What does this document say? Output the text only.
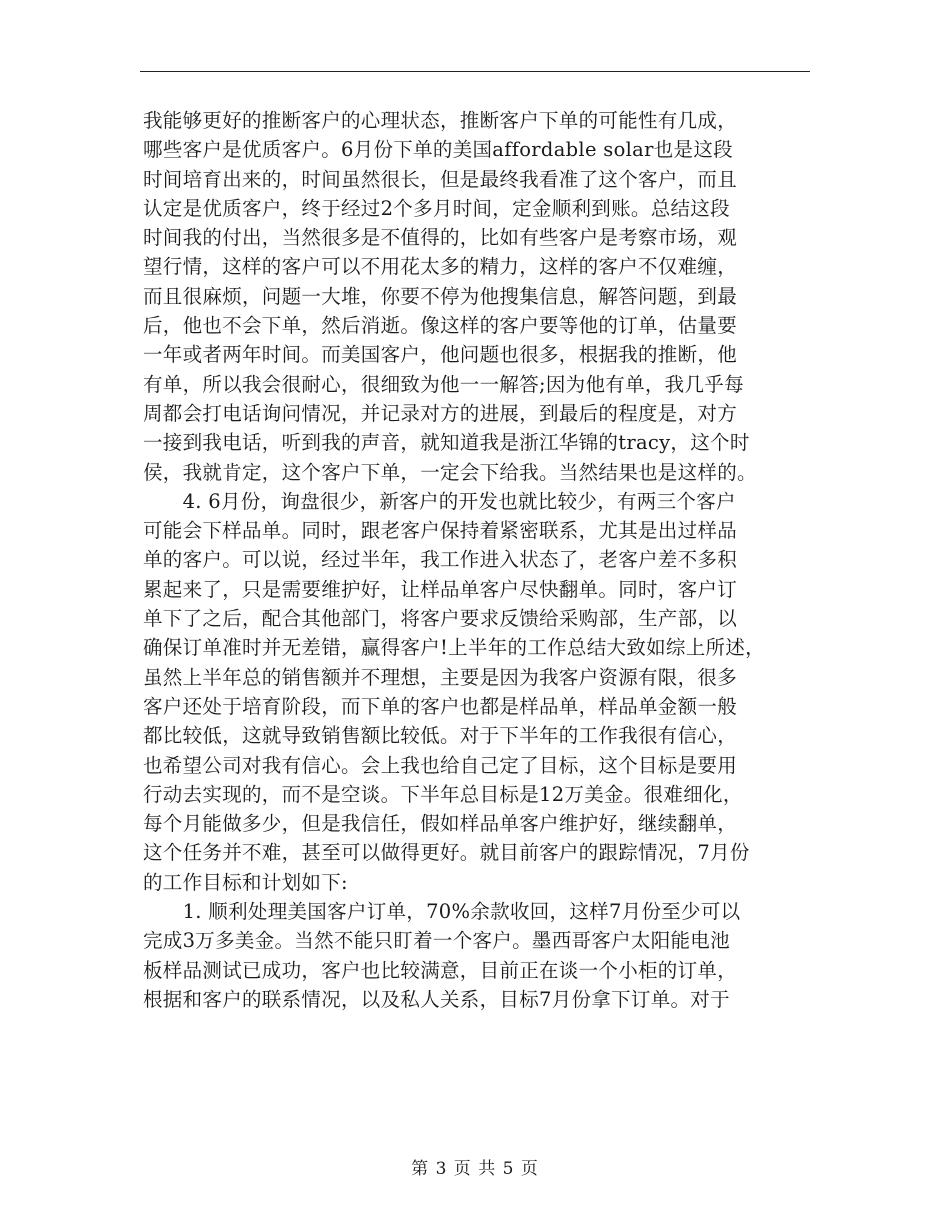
我能够更好的推断客户的心理状态，推断客户下单的可能性有几成，
哪些客户是优质客户。6月份下单的美国affordable solar也是这段
时间培育出来的，时间虽然很长，但是最终我看准了这个客户，而且
认定是优质客户，终于经过2个多月时间，定金顺利到账。总结这段
时间我的付出，当然很多是不值得的，比如有些客户是考察市场，观
望行情，这样的客户可以不用花太多的精力，这样的客户不仅难缠，
而且很麻烦，问题一大堆，你要不停为他搜集信息，解答问题，到最
后，他也不会下单，然后消逝。像这样的客户要等他的订单，估量要
一年或者两年时间。而美国客户，他问题也很多，根据我的推断，他
有单，所以我会很耐心，很细致为他一一解答;因为他有单，我几乎每
周都会打电话询问情况，并记录对方的进展，到最后的程度是，对方
一接到我电话，听到我的声音，就知道我是浙江华锦的tracy，这个时
侯，我就肯定，这个客户下单，一定会下给我。当然结果也是这样的。
　　4. 6月份，询盘很少，新客户的开发也就比较少，有两三个客户
可能会下样品单。同时，跟老客户保持着紧密联系，尤其是出过样品
单的客户。可以说，经过半年，我工作进入状态了，老客户差不多积
累起来了，只是需要维护好，让样品单客户尽快翻单。同时，客户订
单下了之后，配合其他部门，将客户要求反馈给采购部，生产部，以
确保订单准时并无差错，赢得客户!上半年的工作总结大致如综上所述，
虽然上半年总的销售额并不理想，主要是因为我客户资源有限，很多
客户还处于培育阶段，而下单的客户也都是样品单，样品单金额一般
都比较低，这就导致销售额比较低。对于下半年的工作我很有信心，
也希望公司对我有信心。会上我也给自己定了目标，这个目标是要用
行动去实现的，而不是空谈。下半年总目标是12万美金。很难细化，
每个月能做多少，但是我信任，假如样品单客户维护好，继续翻单，
这个任务并不难，甚至可以做得更好。就目前客户的跟踪情况，7月份
的工作目标和计划如下:
　　1. 顺利处理美国客户订单，70%余款收回，这样7月份至少可以
完成3万多美金。当然不能只盯着一个客户。墨西哥客户太阳能电池
板样品测试已成功，客户也比较满意，目前正在谈一个小柜的订单，
根据和客户的联系情况，以及私人关系，目标7月份拿下订单。对于
第 3 页 共 5 页
